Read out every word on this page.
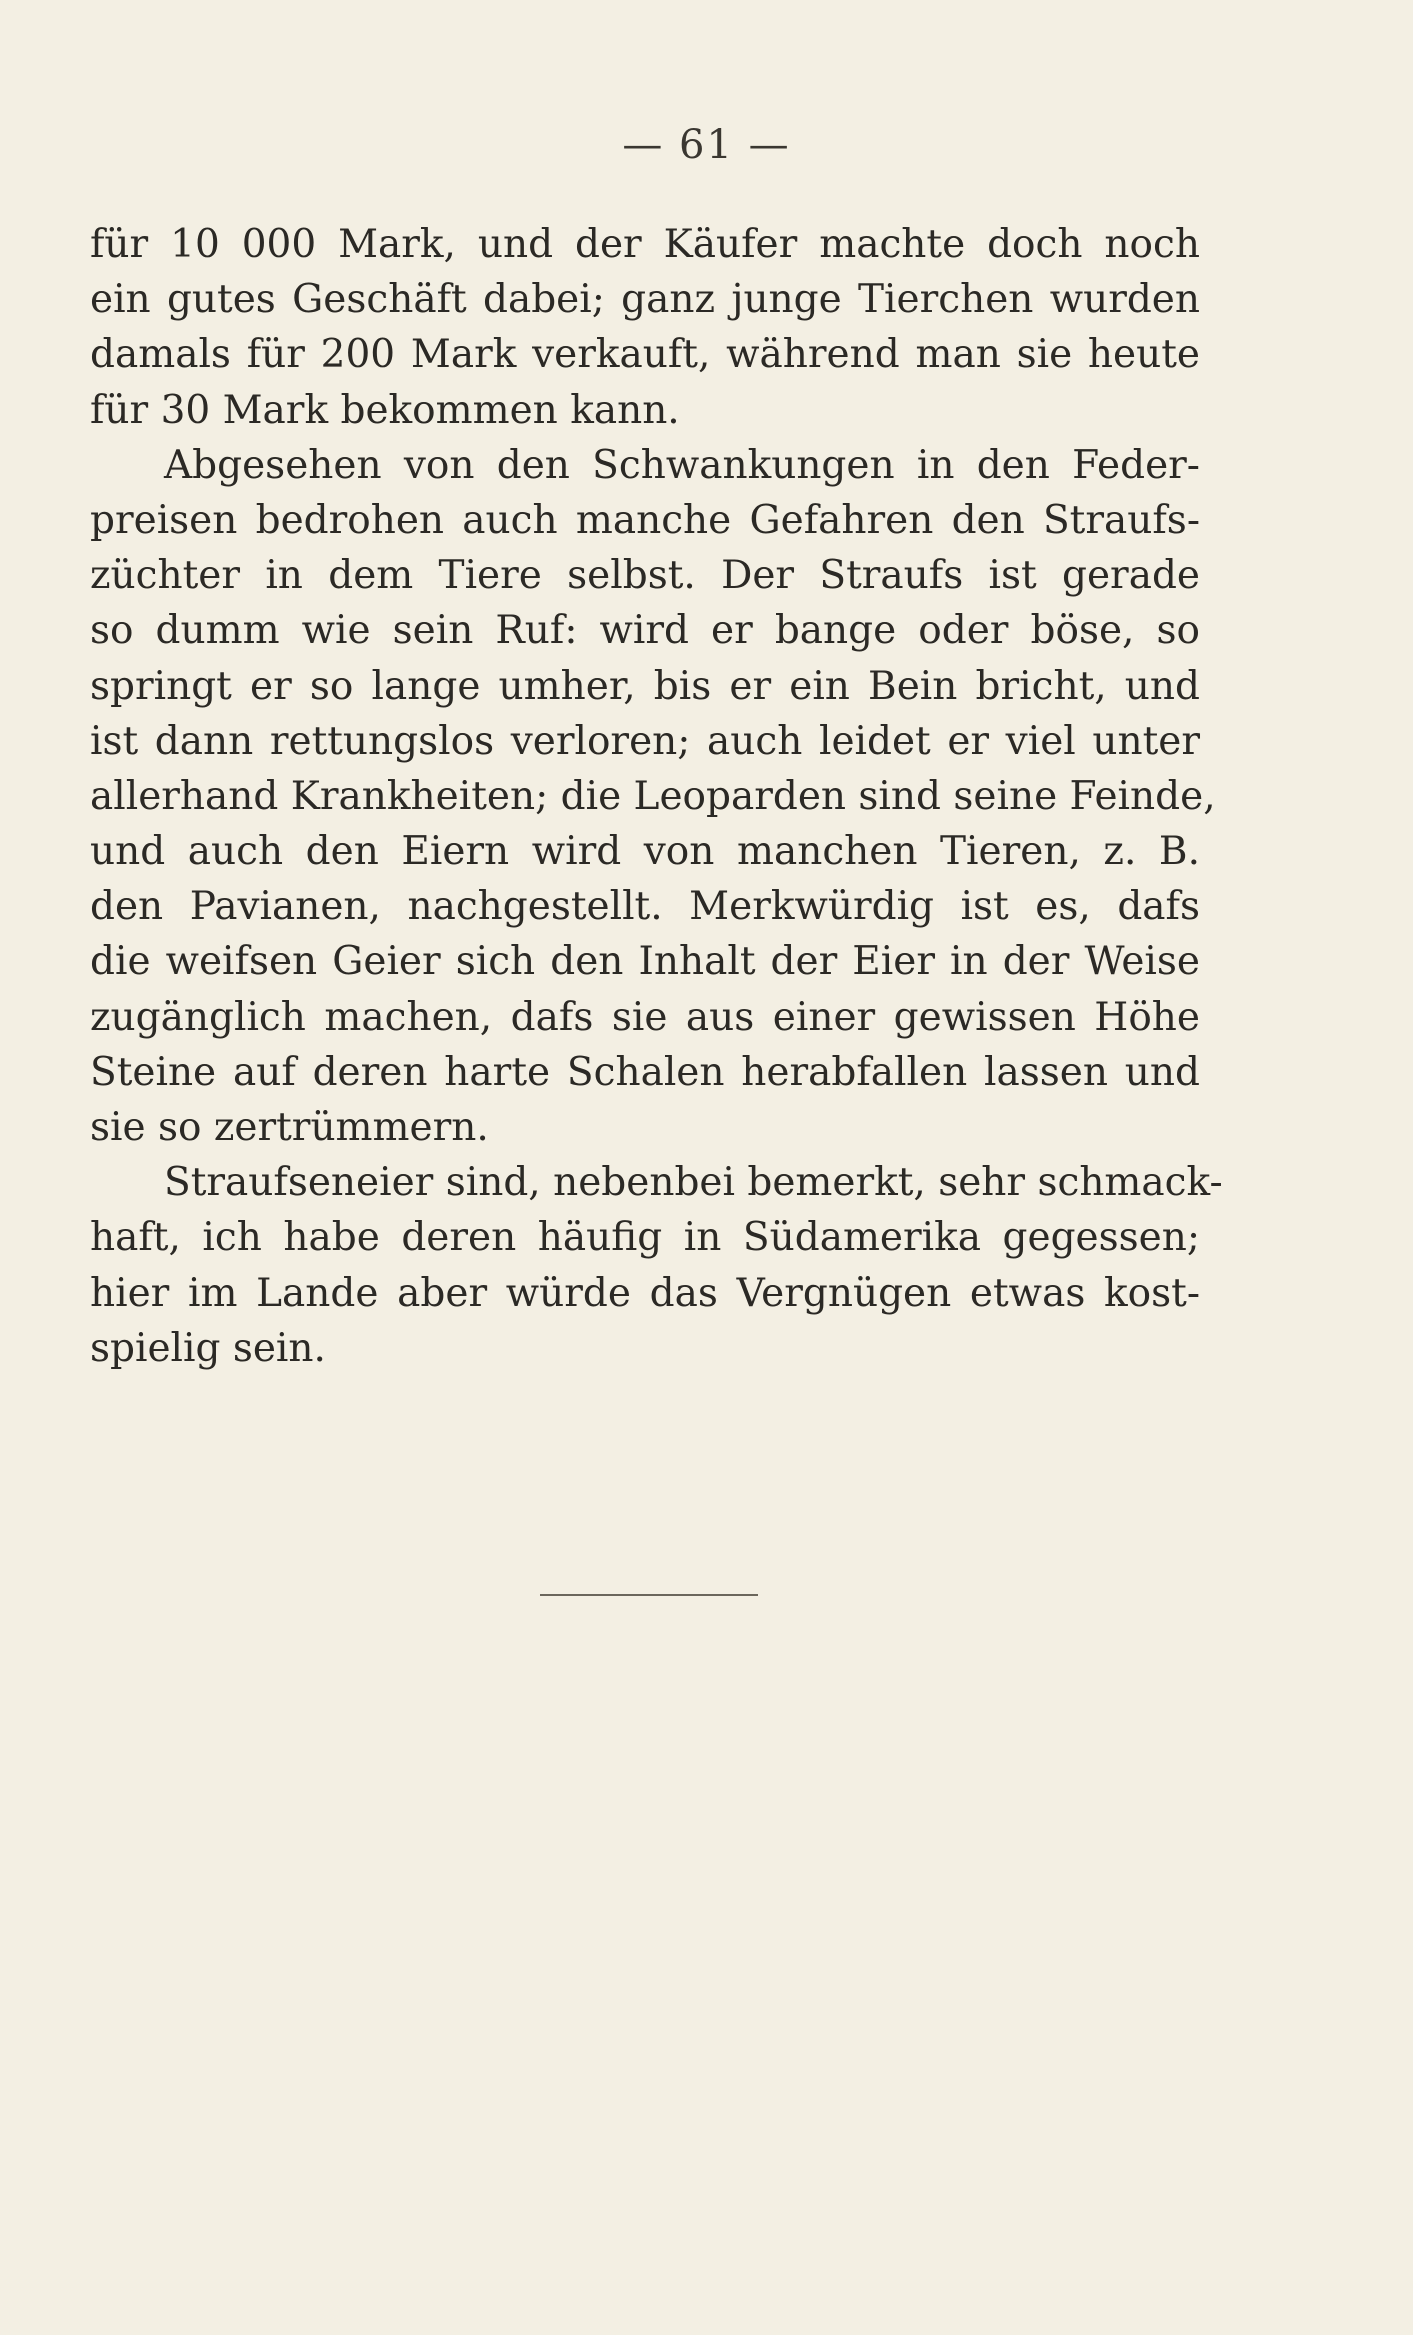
— 61 —
für 10 000 Mark, und der Käufer machte doch noch
ein gutes Geschäft dabei; ganz junge Tierchen wurden
damals für 200 Mark verkauft, während man sie heute
für 30 Mark bekommen kann.
Abgesehen von den Schwankungen in den Feder-
preisen bedrohen auch manche Gefahren den Straufs-
züchter in dem Tiere selbst. Der Straufs ist gerade
so dumm wie sein Ruf: wird er bange oder böse, so
springt er so lange umher, bis er ein Bein bricht, und
ist dann rettungslos verloren; auch leidet er viel unter
allerhand Krankheiten; die Leoparden sind seine Feinde,
und auch den Eiern wird von manchen Tieren, z. B.
den Pavianen, nachgestellt. Merkwürdig ist es, dafs
die weifsen Geier sich den Inhalt der Eier in der Weise
zugänglich machen, dafs sie aus einer gewissen Höhe
Steine auf deren harte Schalen herabfallen lassen und
sie so zertrümmern.
Straufseneier sind, nebenbei bemerkt, sehr schmack-
haft, ich habe deren häufig in Südamerika gegessen;
hier im Lande aber würde das Vergnügen etwas kost-
spielig sein.
